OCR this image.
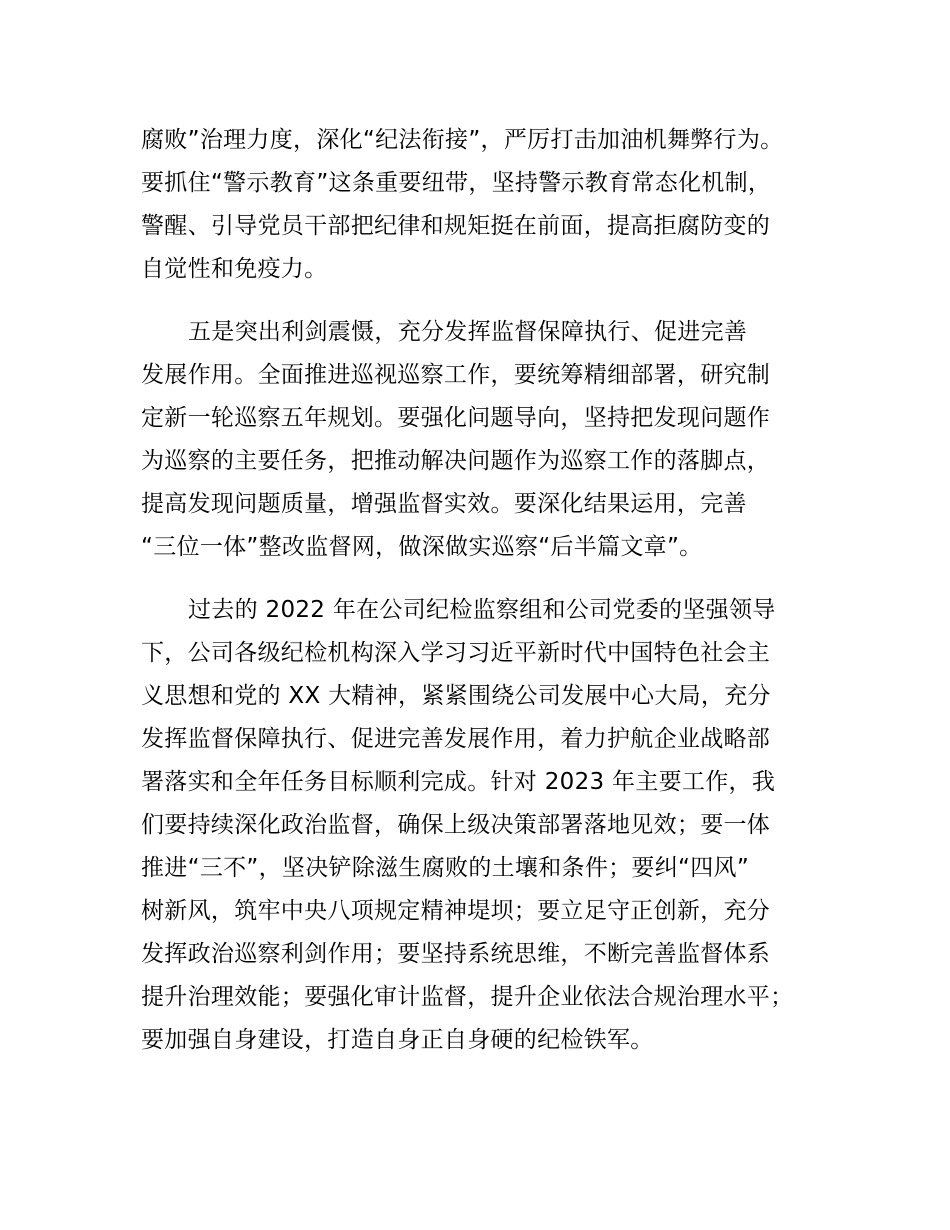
腐败”治理力度，深化“纪法衔接”，严厉打击加油机舞弊行为。
要抓住“警示教育”这条重要纽带，坚持警示教育常态化机制，
警醒、引导党员干部把纪律和规矩挺在前面，提高拒腐防变的
自觉性和免疫力。
五是突出利剑震慑，充分发挥监督保障执行、促进完善
发展作用。全面推进巡视巡察工作，要统筹精细部署，研究制
定新一轮巡察五年规划。要强化问题导向，坚持把发现问题作
为巡察的主要任务，把推动解决问题作为巡察工作的落脚点，
提高发现问题质量，增强监督实效。要深化结果运用，完善
“三位一体”整改监督网，做深做实巡察“后半篇文章”。
过去的 2022 年在公司纪检监察组和公司党委的坚强领导
下，公司各级纪检机构深入学习习近平新时代中国特色社会主
义思想和党的 XX 大精神，紧紧围绕公司发展中心大局，充分
发挥监督保障执行、促进完善发展作用，着力护航企业战略部
署落实和全年任务目标顺利完成。针对 2023 年主要工作，我
们要持续深化政治监督，确保上级决策部署落地见效；要一体
推进“三不”，坚决铲除滋生腐败的土壤和条件；要纠“四风”
树新风，筑牢中央八项规定精神堤坝；要立足守正创新，充分
发挥政治巡察利剑作用；要坚持系统思维，不断完善监督体系
提升治理效能；要强化审计监督，提升企业依法合规治理水平；
要加强自身建设，打造自身正自身硬的纪检铁军。
